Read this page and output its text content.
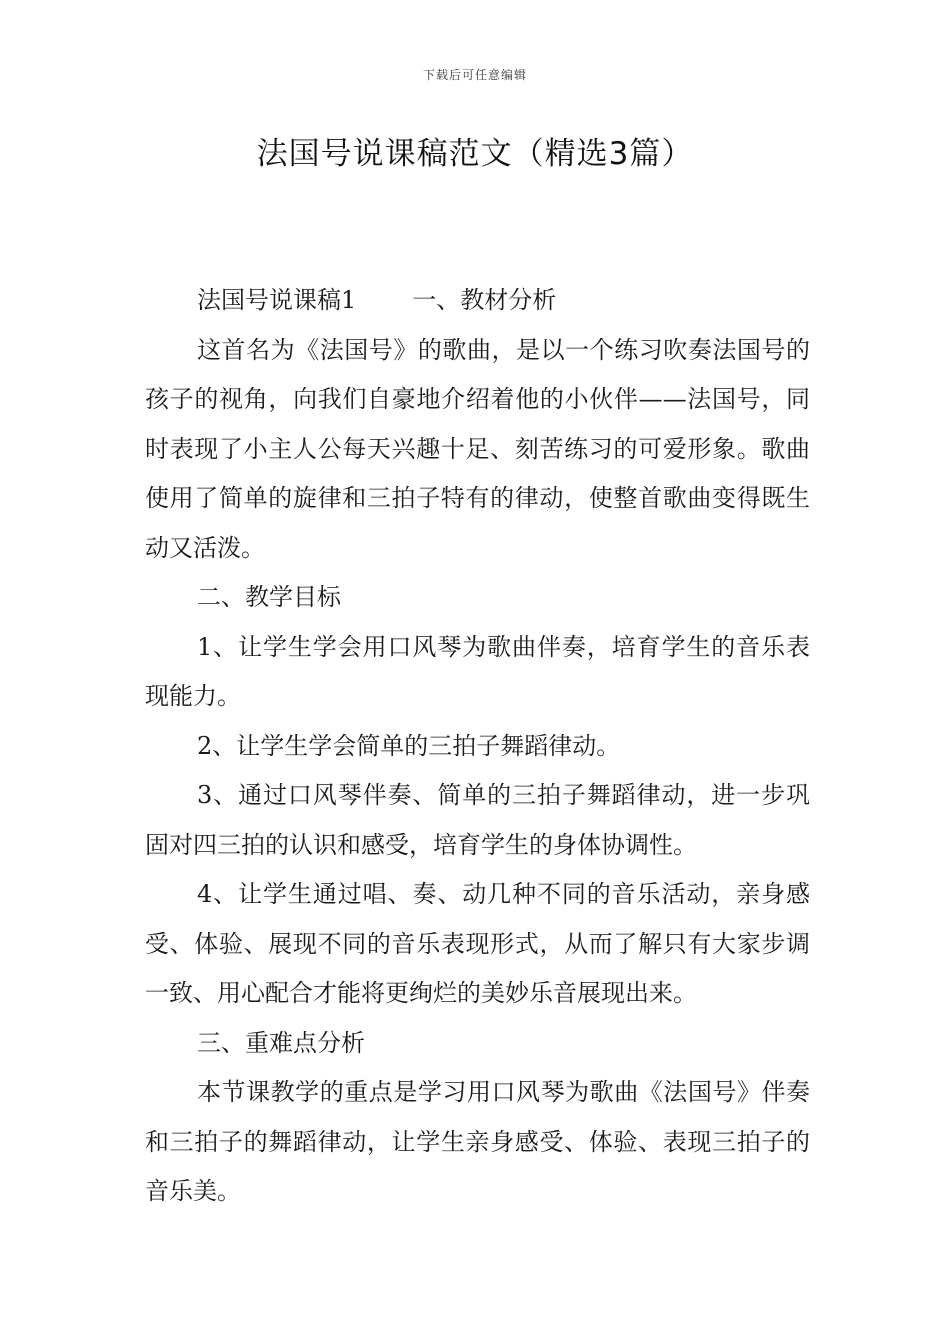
下载后可任意编辑
法国号说课稿范文（精选3篇）

法国号说课稿1 一、教材分析

这首名为《法国号》的歌曲，是以一个练习吹奏法国号的孩子的视角，向我们自豪地介绍着他的小伙伴——法国号，同时表现了小主人公每天兴趣十足、刻苦练习的可爱形象。歌曲使用了简单的旋律和三拍子特有的律动，使整首歌曲变得既生动又活泼。

二、教学目标

1、让学生学会用口风琴为歌曲伴奏，培育学生的音乐表现能力。

2、让学生学会简单的三拍子舞蹈律动。

3、通过口风琴伴奏、简单的三拍子舞蹈律动，进一步巩固对四三拍的认识和感受，培育学生的身体协调性。

4、让学生通过唱、奏、动几种不同的音乐活动，亲身感受、体验、展现不同的音乐表现形式，从而了解只有大家步调一致、用心配合才能将更绚烂的美妙乐音展现出来。

三、重难点分析

本节课教学的重点是学习用口风琴为歌曲《法国号》伴奏和三拍子的舞蹈律动，让学生亲身感受、体验、表现三拍子的音乐美。
